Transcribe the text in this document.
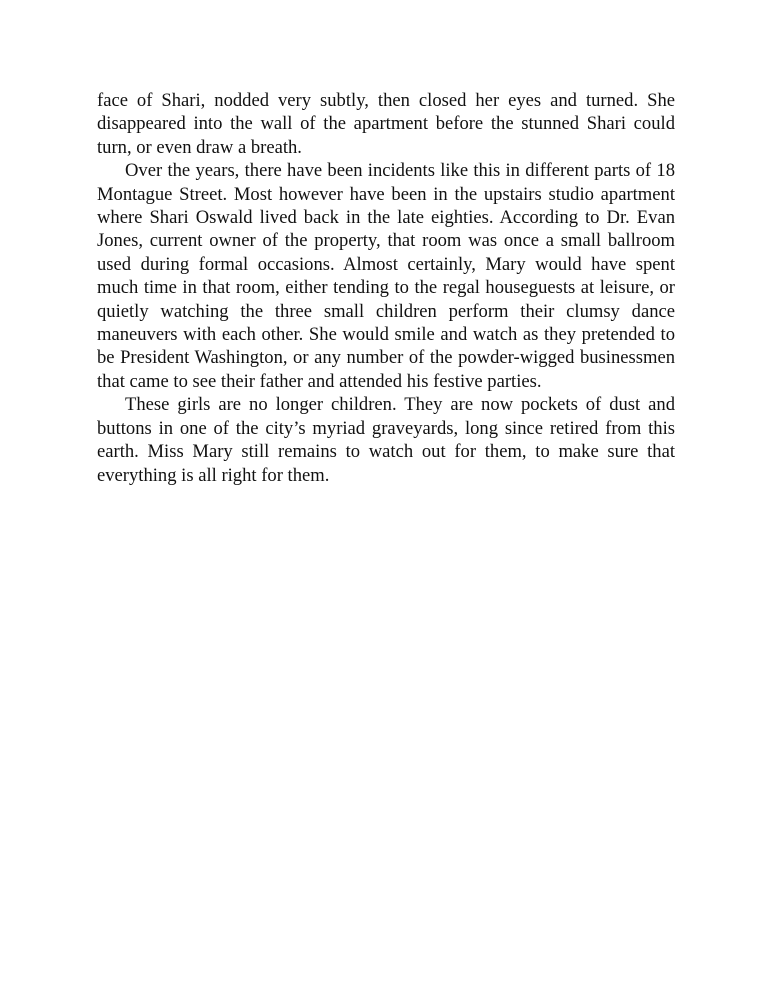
face of Shari, nodded very subtly, then closed her eyes and turned. She disappeared into the wall of the apartment before the stunned Shari could turn, or even draw a breath.

Over the years, there have been incidents like this in different parts of 18 Montague Street. Most however have been in the upstairs studio apartment where Shari Oswald lived back in the late eighties. According to Dr. Evan Jones, current owner of the property, that room was once a small ballroom used during formal occasions. Almost certainly, Mary would have spent much time in that room, either tending to the regal houseguests at leisure, or quietly watching the three small children perform their clumsy dance maneuvers with each other. She would smile and watch as they pretended to be President Washington, or any number of the powder-wigged businessmen that came to see their father and attended his festive parties.

These girls are no longer children. They are now pockets of dust and buttons in one of the city’s myriad graveyards, long since retired from this earth. Miss Mary still remains to watch out for them, to make sure that everything is all right for them.
